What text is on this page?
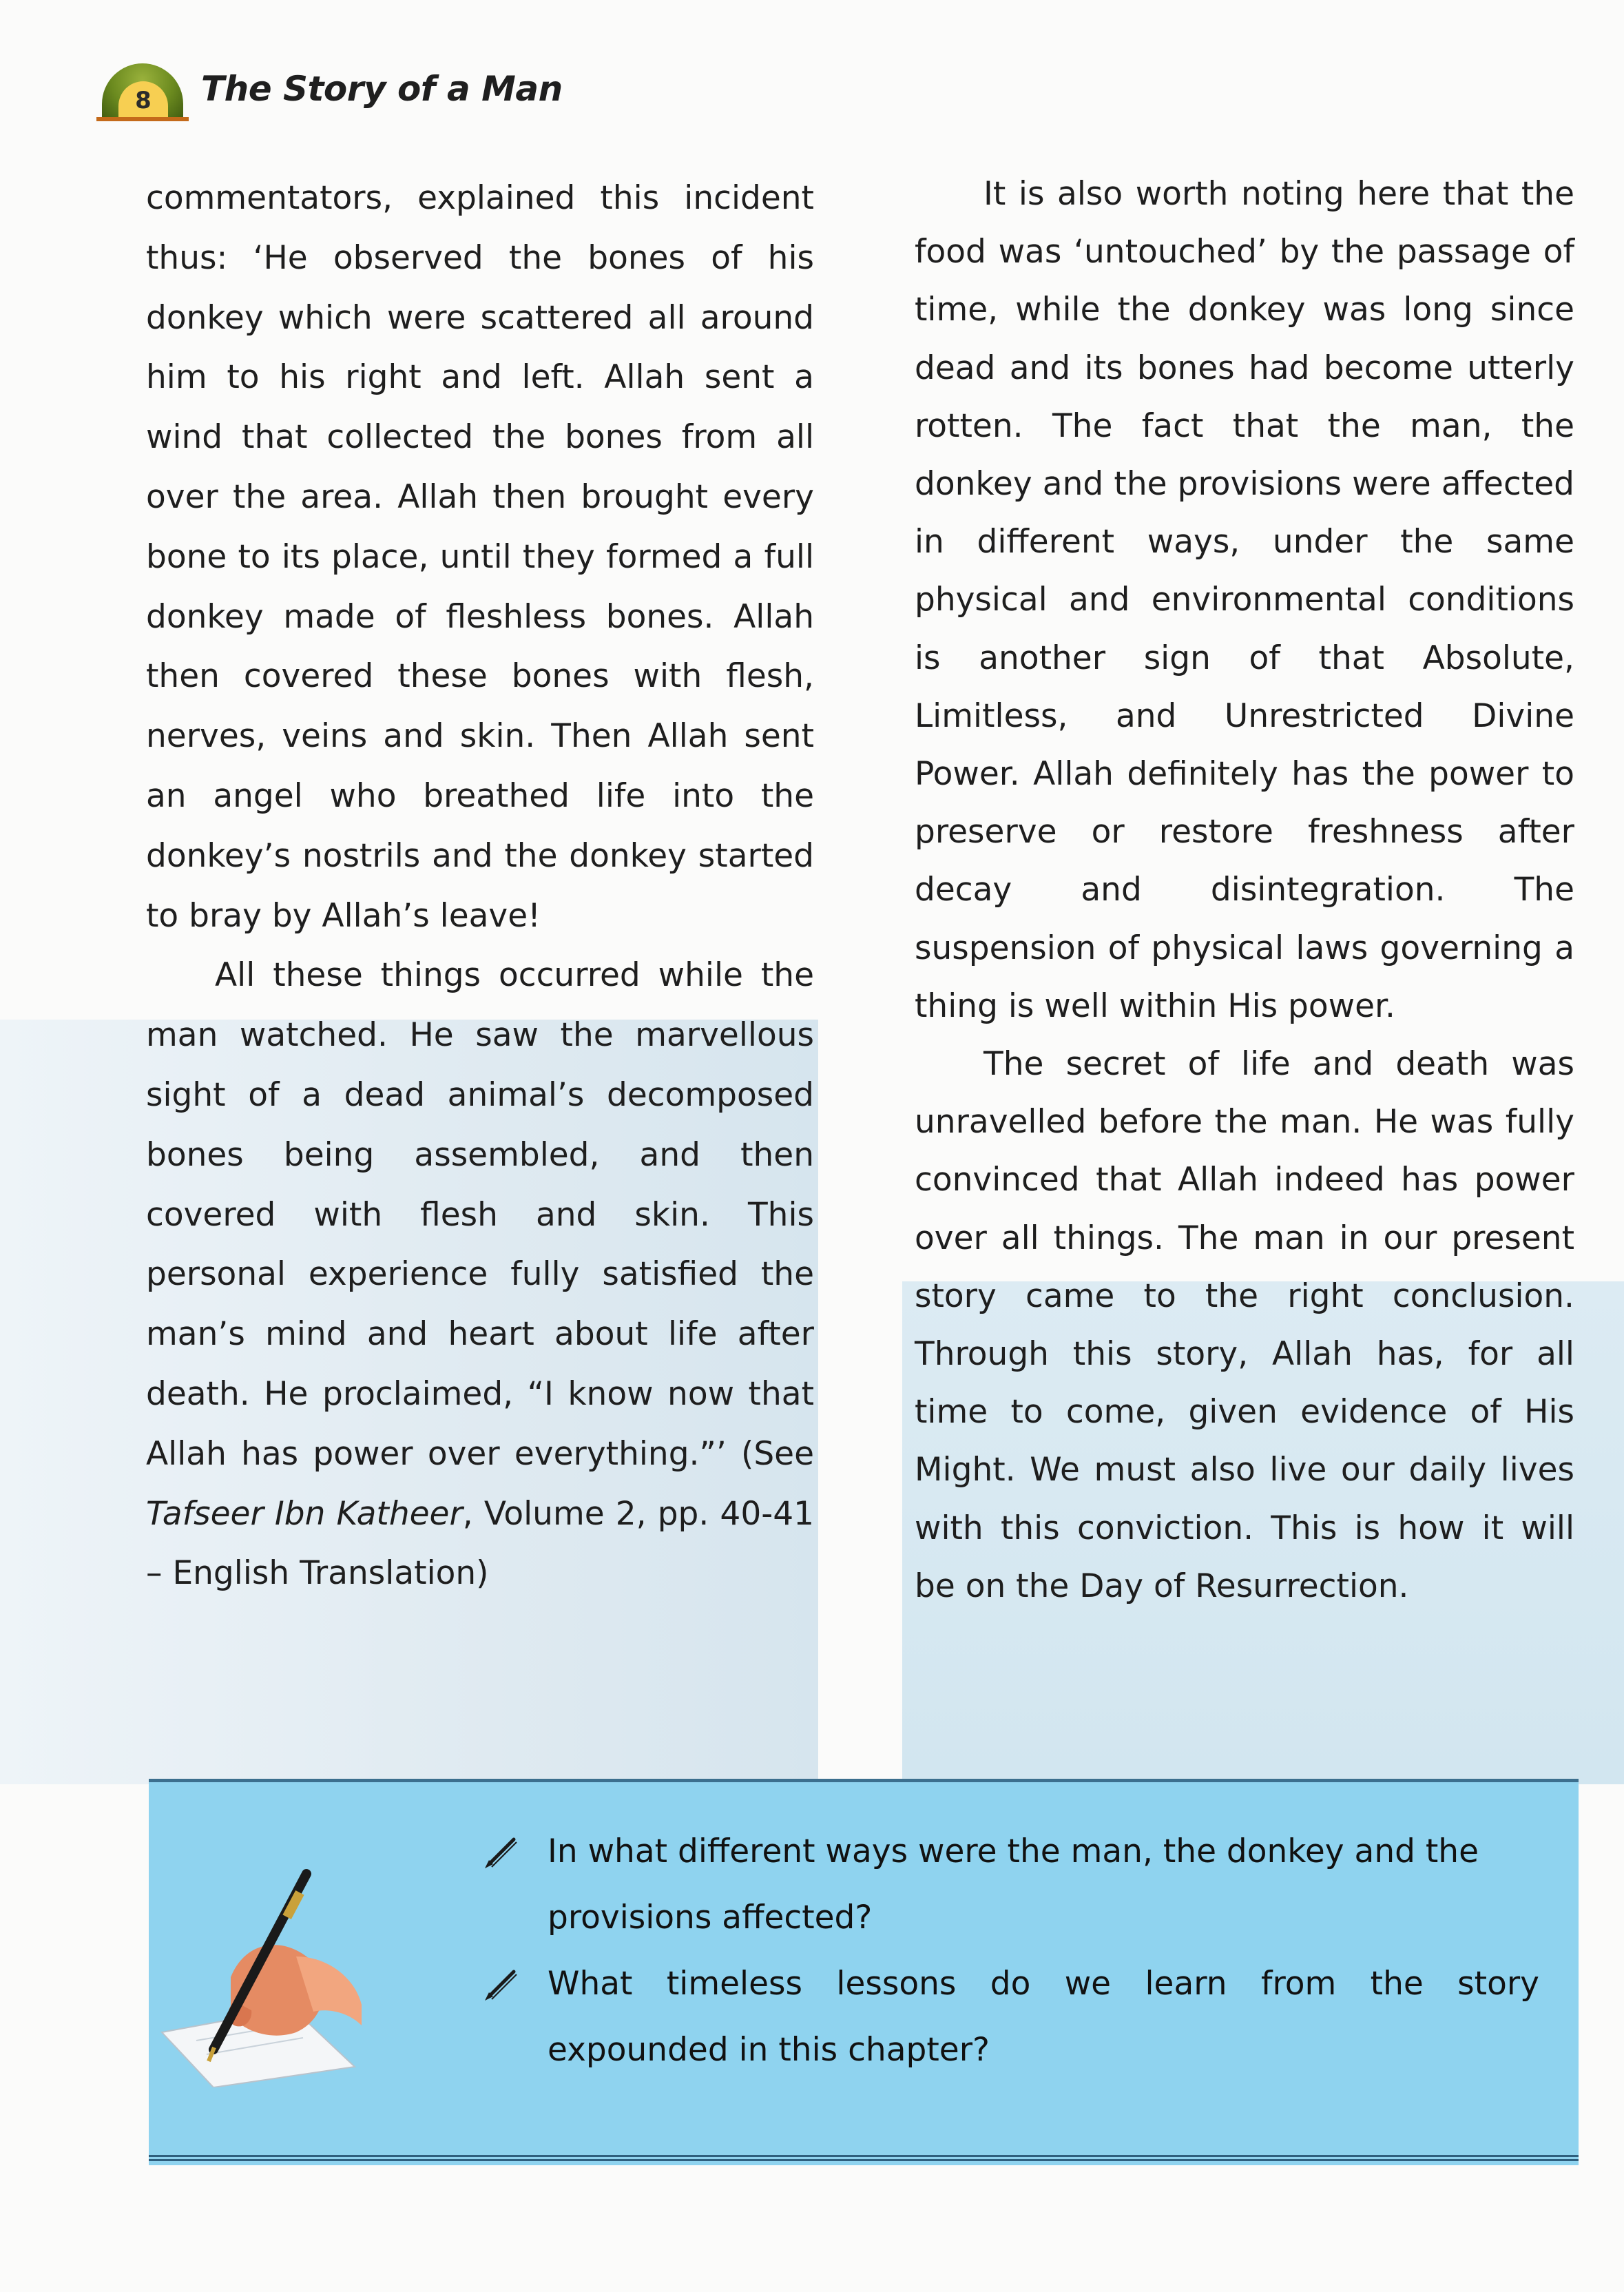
8	The Story of a Man

commentators, explained this incident thus: ‘He observed the bones of his donkey which were scattered all around him to his right and left. Allah sent a wind that collected the bones from all over the area. Allah then brought every bone to its place, until they formed a full donkey made of fleshless bones. Allah then covered these bones with flesh, nerves, veins and skin. Then Allah sent an angel who breathed life into the donkey’s nostrils and the donkey started to bray by Allah’s leave!

All these things occurred while the man watched. He saw the marvellous sight of a dead animal’s decomposed bones being assembled, and then covered with flesh and skin. This personal experience fully satisfied the man’s mind and heart about life after death. He proclaimed, “I know now that Allah has power over everything.”’ (See Tafseer Ibn Katheer, Volume 2, pp. 40-41 – English Translation)

It is also worth noting here that the food was ‘untouched’ by the passage of time, while the donkey was long since dead and its bones had become utterly rotten. The fact that the man, the donkey and the provisions were affected in different ways, under the same physical and environmental conditions is another sign of that Absolute, Limitless, and Unrestricted Divine Power. Allah definitely has the power to preserve or restore freshness after decay and disintegration. The suspension of physical laws governing a thing is well within His power.

The secret of life and death was unravelled before the man. He was fully convinced that Allah indeed has power over all things. The man in our present story came to the right conclusion. Through this story, Allah has, for all time to come, given evidence of His Might. We must also live our daily lives with this conviction. This is how it will be on the Day of Resurrection.

In what different ways were the man, the donkey and the provisions affected?
What timeless lessons do we learn from the story expounded in this chapter?
